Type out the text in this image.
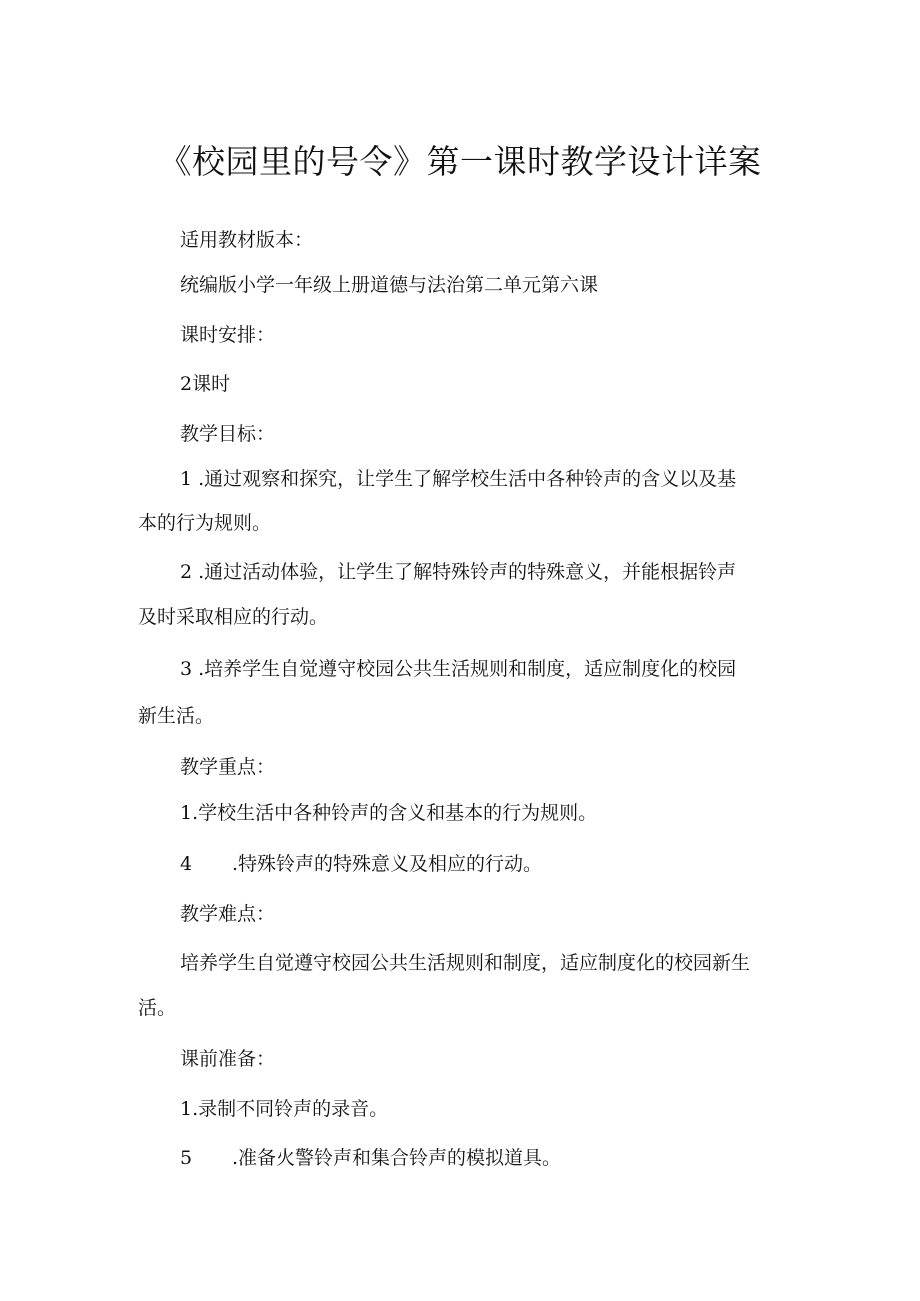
《校园里的号令》第一课时教学设计详案
适用教材版本：
统编版小学一年级上册道德与法治第二单元第六课
课时安排：
2课时
教学目标：
1 .通过观察和探究，让学生了解学校生活中各种铃声的含义以及基
本的行为规则。
2 .通过活动体验，让学生了解特殊铃声的特殊意义，并能根据铃声
及时采取相应的行动。
3 .培养学生自觉遵守校园公共生活规则和制度，适应制度化的校园
新生活。
教学重点：
1.学校生活中各种铃声的含义和基本的行为规则。
4 .特殊铃声的特殊意义及相应的行动。
教学难点：
培养学生自觉遵守校园公共生活规则和制度，适应制度化的校园新生
活。
课前准备：
1.录制不同铃声的录音。
5 .准备火警铃声和集合铃声的模拟道具。
